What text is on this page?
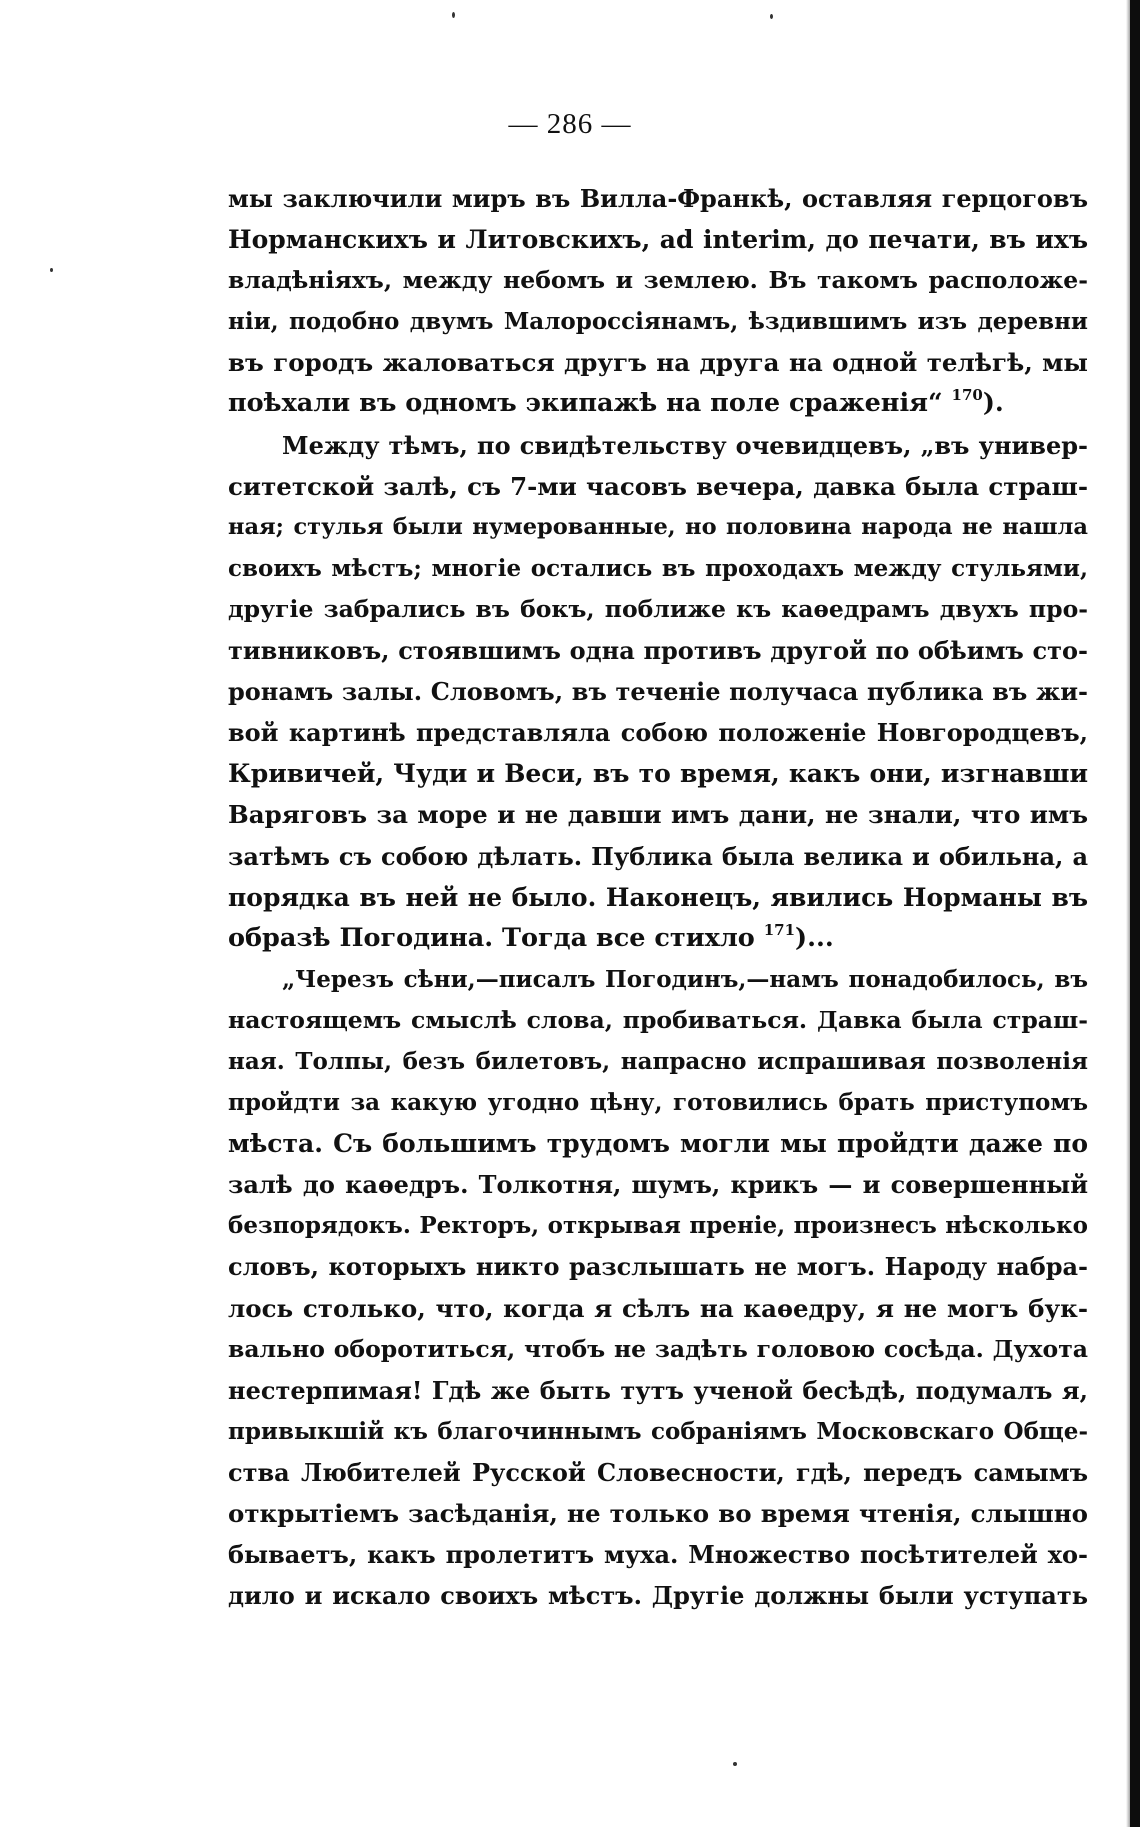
— 286 —
мы заключили миръ въ Вилла-Франкѣ, оставляя герцоговъ
Норманскихъ и Литовскихъ, ad interim, до печати, въ ихъ
владѣніяхъ, между небомъ и землею. Въ такомъ расположе-
ніи, подобно двумъ Малороссіянамъ, ѣздившимъ изъ деревни
въ городъ жаловаться другъ на друга на одной телѣгѣ, мы
поѣхали въ одномъ экипажѣ на поле сраженія“ $^{170}$).
Между тѣмъ, по свидѣтельству очевидцевъ, „въ универ-
ситетской залѣ, съ 7-ми часовъ вечера, давка была страш-
ная; стулья были нумерованные, но половина народа не нашла
своихъ мѣстъ; многіе остались въ проходахъ между стульями,
другіе забрались въ бокъ, поближе къ каѳедрамъ двухъ про-
тивниковъ, стоявшимъ одна противъ другой по обѣимъ сто-
ронамъ залы. Словомъ, въ теченіе получаса публика въ жи-
вой картинѣ представляла собою положеніе Новгородцевъ,
Кривичей, Чуди и Веси, въ то время, какъ они, изгнавши
Варяговъ за море и не давши имъ дани, не знали, что имъ
затѣмъ съ собою дѣлать. Публика была велика и обильна, а
порядка въ ней не было. Наконецъ, явились Норманы въ
образѣ Погодина. Тогда все стихло $^{171}$)...
„Черезъ сѣни,—писалъ Погодинъ,—намъ понадобилось, въ
настоящемъ смыслѣ слова, пробиваться. Давка была страш-
ная. Толпы, безъ билетовъ, напрасно испрашивая позволенія
пройдти за какую угодно цѣну, готовились брать приступомъ
мѣста. Съ большимъ трудомъ могли мы пройдти даже по
залѣ до каѳедръ. Толкотня, шумъ, крикъ — и совершенный
безпорядокъ. Ректоръ, открывая преніе, произнесъ нѣсколько
словъ, которыхъ никто разслышать не могъ. Народу набра-
лось столько, что, когда я сѣлъ на каѳедру, я не могъ бук-
вально оборотиться, чтобъ не задѣть головою сосѣда. Духота
нестерпимая! Гдѣ же быть тутъ ученой бесѣдѣ, подумалъ я,
привыкшій къ благочиннымъ собраніямъ Московскаго Обще-
ства Любителей Русской Словесности, гдѣ, передъ самымъ
открытіемъ засѣданія, не только во время чтенія, слышно
бываетъ, какъ пролетитъ муха. Множество посѣтителей хо-
дило и искало своихъ мѣстъ. Другіе должны были уступать
